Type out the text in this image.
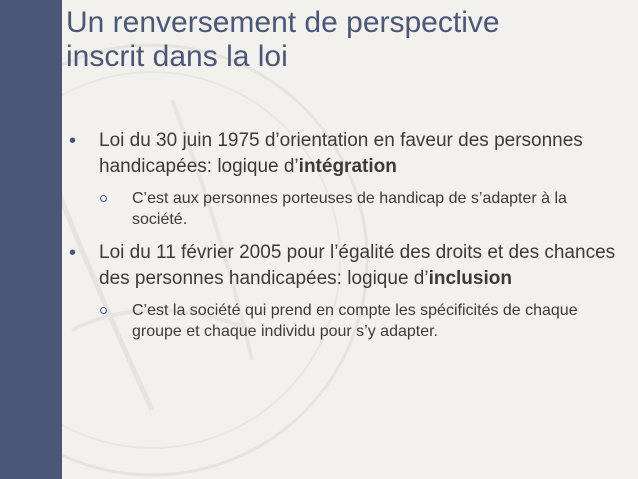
Un renversement de perspective
inscrit dans la loi

• Loi du 30 juin 1975 d’orientation en faveur des personnes handicapées: logique d’intégration

C’est aux personnes porteuses de handicap de s’adapter à la société.

• Loi du 11 février 2005 pour l’égalité des droits et des chances des personnes handicapées: logique d’inclusion

C’est la société qui prend en compte les spécificités de chaque groupe et chaque individu pour s’y adapter.
